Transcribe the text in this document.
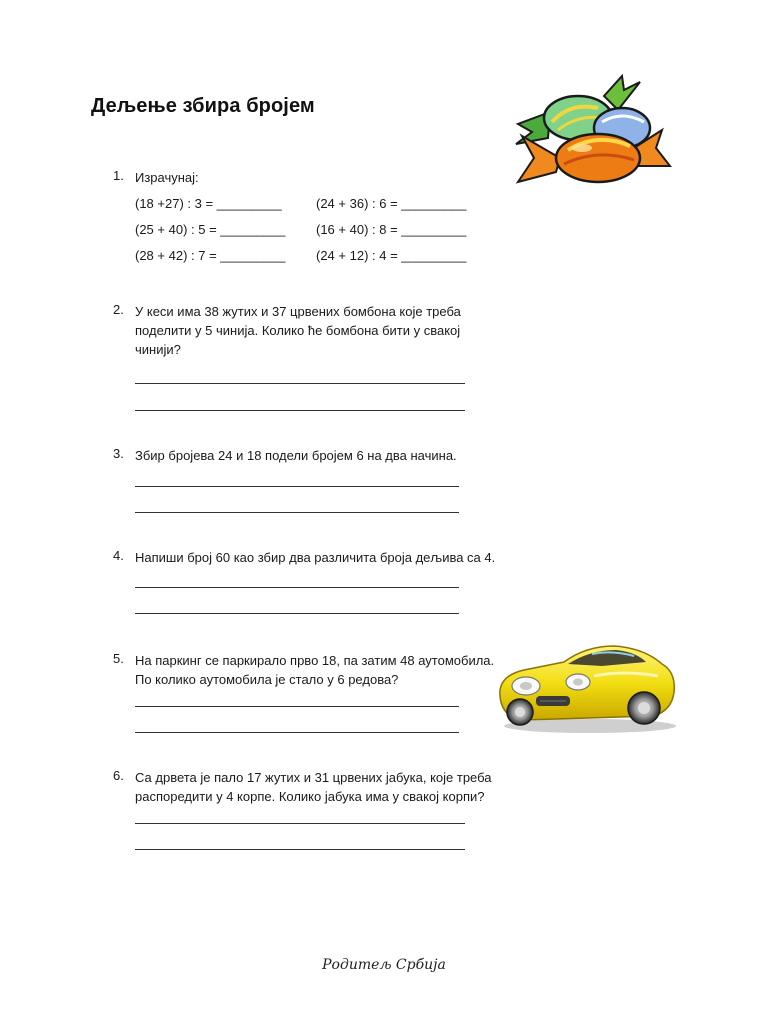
Дељење збира бројем
1. Израчунај:
(18 +27) : 3 = _________	(24 + 36) : 6 = _________
(25 + 40) : 5 = _________ (16 + 40) : 8 = _________
(28 + 42) : 7 = _________ (24 + 12) : 4 = _________
2. У кеси има 38 жутих и 37 црвених бомбона које треба
поделити у 5 чинија. Колико ће бомбона бити у свакој
чинији?
3. Збир бројева 24 и 18 подели бројем 6 на два начина.
4. Напиши број 60 као збир два различита броја дељива са 4.
5. На паркинг се паркирало прво 18, па затим 48 аутомобила.
По колико аутомобила је стало у 6 редова?
6. Са дрвета је пало 17 жутих и 31 црвених јабука, које треба
распоредити у 4 корпе. Колико јабука има у свакој корпи?
Родитељ Србија
